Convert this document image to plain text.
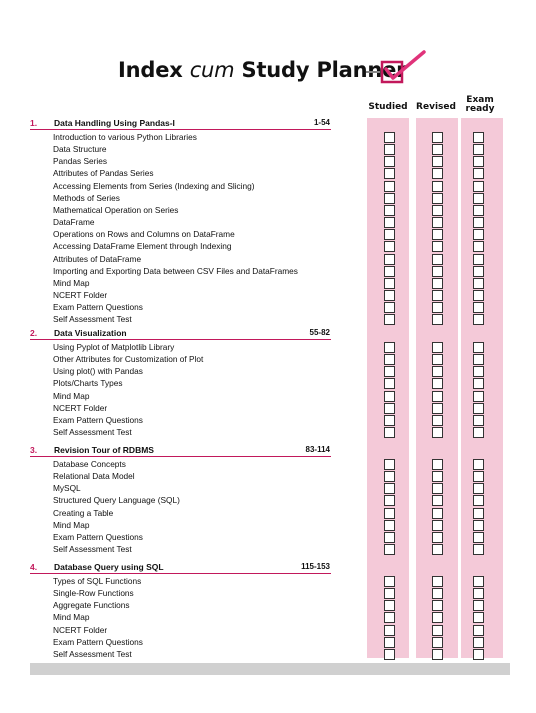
Index cum Study Planner
Studied Revised
Exam ready
1. Data Handling Using Pandas-I	1-54
Introduction to various Python Libraries
Data Structure
Pandas Series
Attributes of Pandas Series
Accessing Elements from Series (Indexing and Slicing)
Methods of Series
Mathematical Operation on Series
DataFrame
Operations on Rows and Columns on DataFrame
Accessing DataFrame Element through Indexing
Attributes of DataFrame
Importing and Exporting Data between CSV Files and DataFrames
Mind Map
NCERT Folder
Exam Pattern Questions
Self Assessment Test
2. Data Visualization	55-82
Using Pyplot of Matplotlib Library
Other Attributes for Customization of Plot
Using plot() with Pandas
Plots/Charts Types
Mind Map
NCERT Folder
Exam Pattern Questions
Self Assessment Test
3. Revision Tour of RDBMS	83-114
Database Concepts
Relational Data Model
MySQL
Structured Query Language (SQL)
Creating a Table
Mind Map
Exam Pattern Questions
Self Assessment Test
4. Database Query using SQL	115-153
Types of SQL Functions
Single-Row Functions
Aggregate Functions
Mind Map
NCERT Folder
Exam Pattern Questions
Self Assessment Test
